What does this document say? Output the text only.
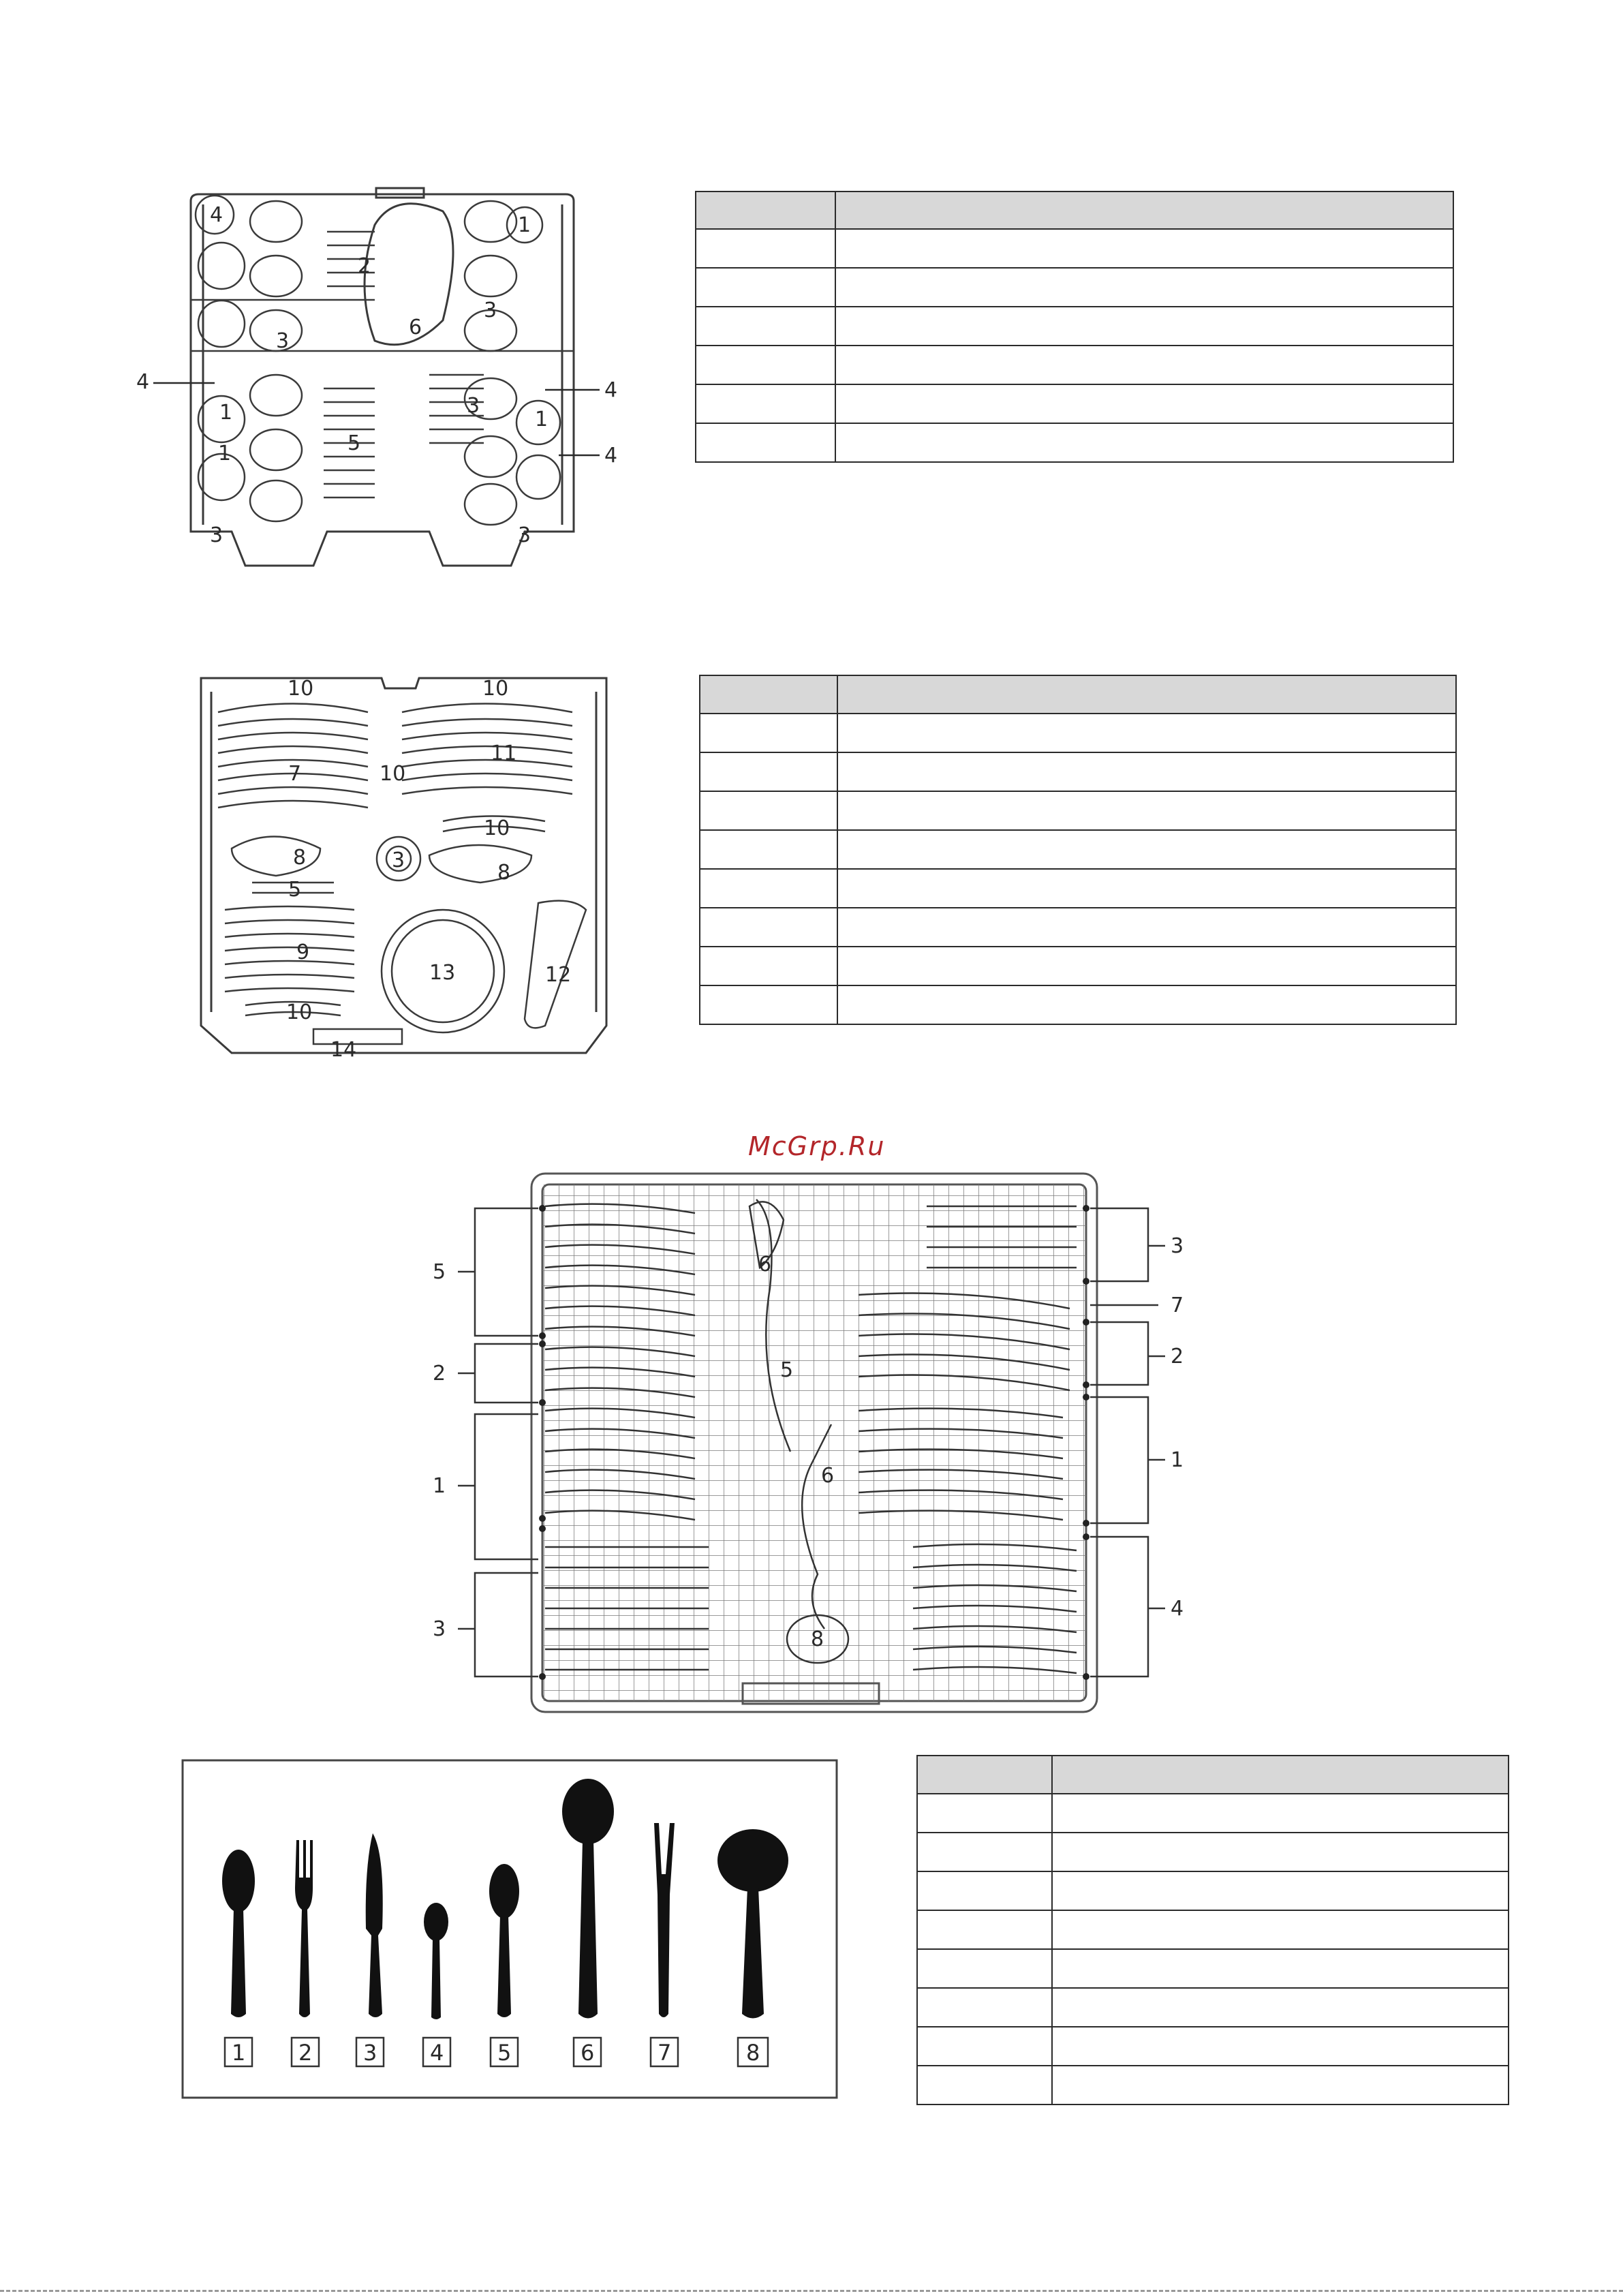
4
2
1
1
6
3
3
4
3
4
1
1	5
4
3	3

10	10
11
7	10
10
8	3
5
8
9
13	12
10
14

McGrp.Ru
6
5
6
8
5
2
1
3
3
7
2
1
4
1 2 3 4 5	6	7	8
